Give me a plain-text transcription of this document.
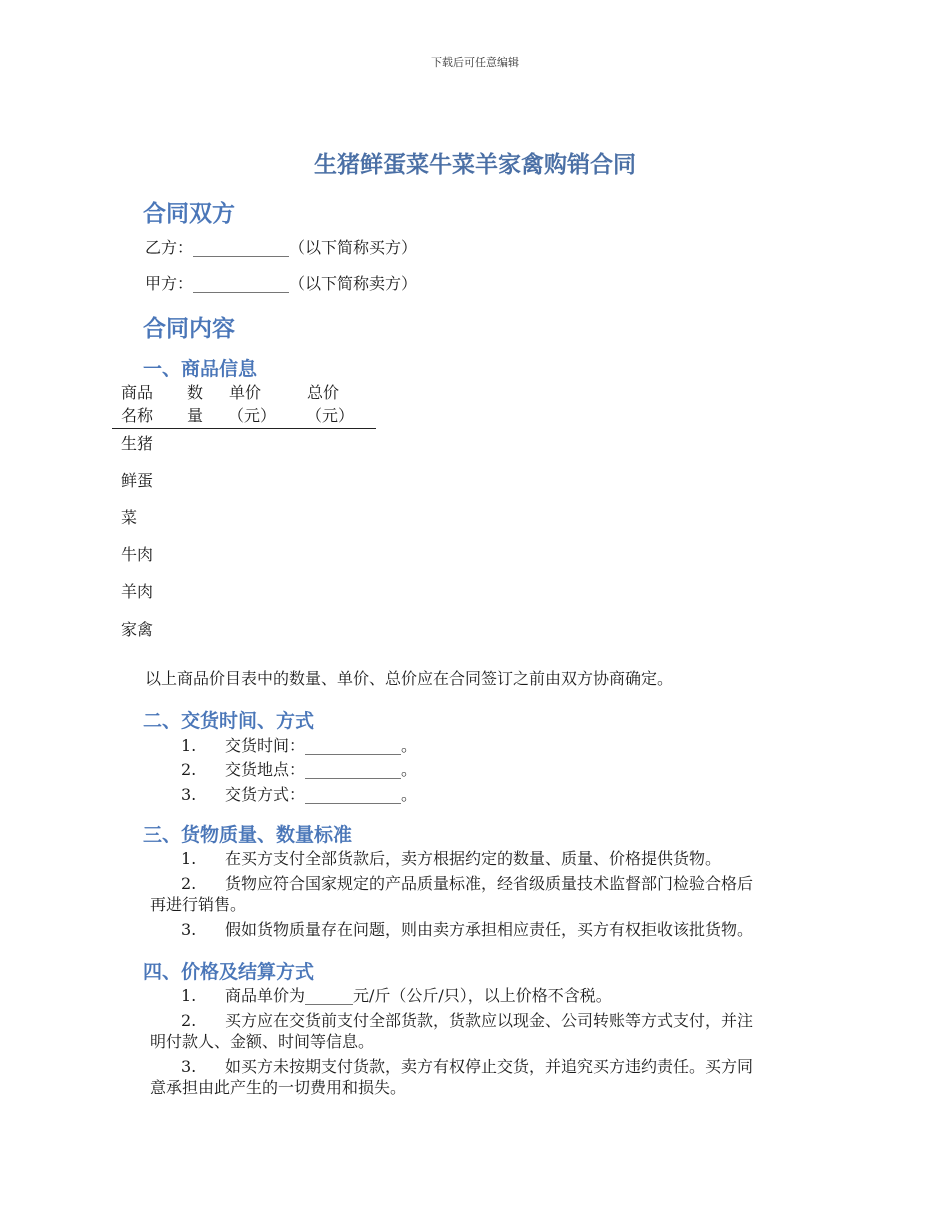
下载后可任意编辑
生猪鲜蛋菜牛菜羊家禽购销合同
合同双方
乙方：____________（以下简称买方）
甲方：____________（以下简称卖方）
合同内容
一、商品信息
商品
名称
数
量
单价
（元）
总价
（元）
生猪
鲜蛋
菜
牛肉
羊肉
家禽
以上商品价目表中的数量、单价、总价应在合同签订之前由双方协商确定。
二、交货时间、方式
1. 交货时间：____________。
2. 交货地点：____________。
3. 交货方式：____________。
三、货物质量、数量标准
1. 在买方支付全部货款后，卖方根据约定的数量、质量、价格提供货物。
2. 货物应符合国家规定的产品质量标准，经省级质量技术监督部门检验合格后
再进行销售。
3. 假如货物质量存在问题，则由卖方承担相应责任，买方有权拒收该批货物。
四、价格及结算方式
1. 商品单价为______元/斤（公斤/只），以上价格不含税。
2. 买方应在交货前支付全部货款，货款应以现金、公司转账等方式支付，并注
明付款人、金额、时间等信息。
3. 如买方未按期支付货款，卖方有权停止交货，并追究买方违约责任。买方同
意承担由此产生的一切费用和损失。
